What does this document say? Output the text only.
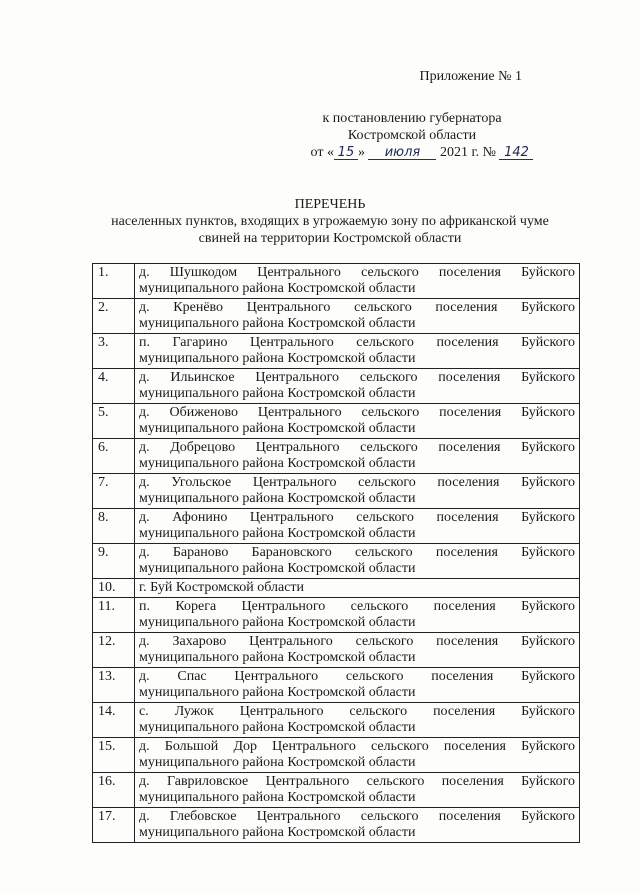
Приложение № 1
к постановлению губернатора
Костромской области
от « 15 » июля 2021 г. № 142
ПЕРЕЧЕНЬ
населенных пунктов, входящих в угрожаемую зону по африканской чуме
свиней на территории Костромской области
1.	д. Шушкодом Центрального сельского поселения Буйского
муниципального района Костромской области

2.	д. Кренёво Центрального сельского поселения Буйского
муниципального района Костромской области

3.	п. Гагарино Центрального сельского поселения Буйского
муниципального района Костромской области

4.	д. Ильинское Центрального сельского поселения Буйского
муниципального района Костромской области

5.	д. Обиженово Центрального сельского поселения Буйского
муниципального района Костромской области

6.	д. Добрецово Центрального сельского поселения Буйского
муниципального района Костромской области

7.	д. Угольское Центрального сельского поселения Буйского
муниципального района Костромской области

8.	д. Афонино Центрального сельского поселения Буйского
муниципального района Костромской области

9.	д. Бараново Барановского сельского поселения Буйского
муниципального района Костромской области

10.	г. Буй Костромской области

11.	п. Корега Центрального сельского поселения Буйского
муниципального района Костромской области

12.	д. Захарово Центрального сельского поселения Буйского
муниципального района Костромской области

13.	д. Спас Центрального сельского поселения Буйского
муниципального района Костромской области

14.	с. Лужок Центрального сельского поселения Буйского
муниципального района Костромской области

15.	д. Большой Дор Центрального сельского поселения Буйского
муниципального района Костромской области

16.	д. Гавриловское Центрального сельского поселения Буйского
муниципального района Костромской области

17.	д. Глебовское Центрального сельского поселения Буйского
муниципального района Костромской области
